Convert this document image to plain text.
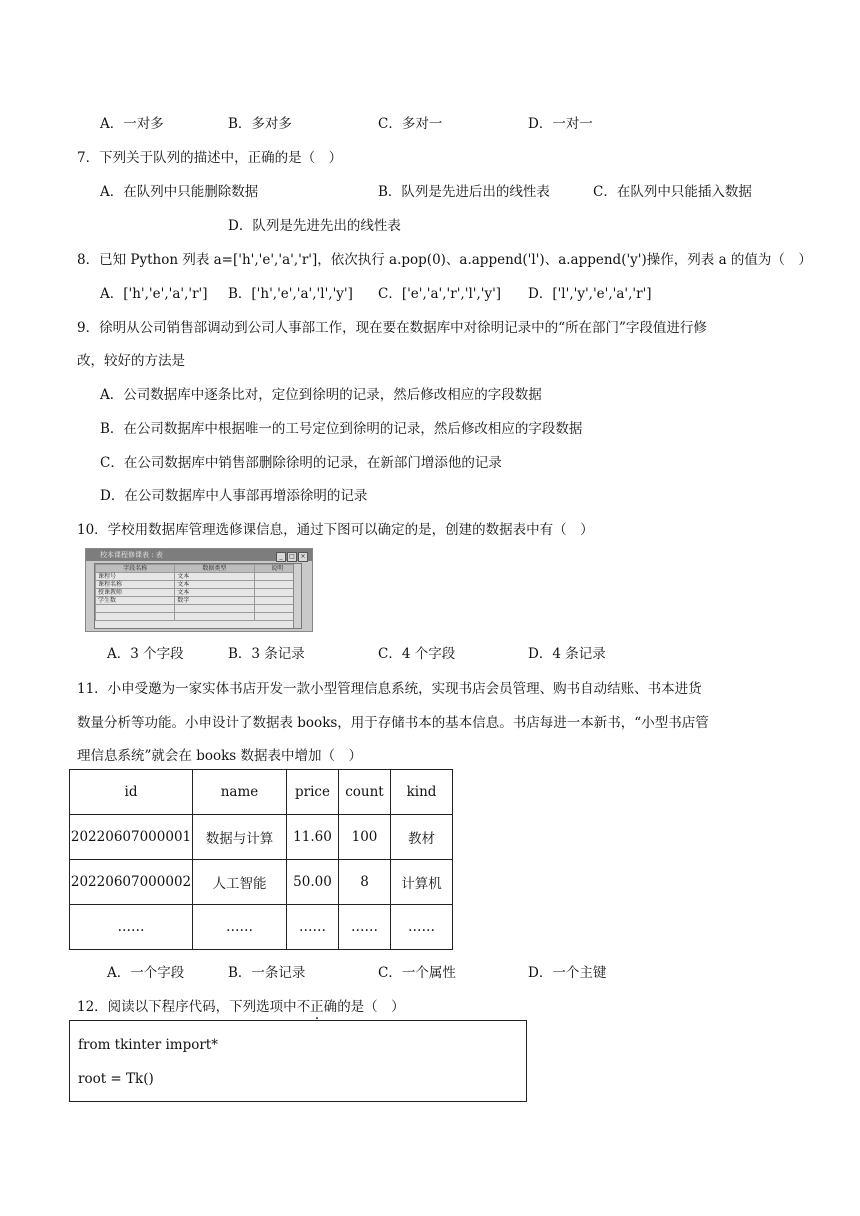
A．一对多	B．多对多	C．多对一	D．一对一
7．下列关于队列的描述中，正确的是（　）
A．在队列中只能删除数据	B．队列是先进后出的线性表	C．在队列中只能插入数据
D．队列是先进先出的线性表
8．已知 Python 列表 a=['h','e','a','r']，依次执行 a.pop(0)、a.append('l')、a.append('y')操作，列表 a 的值为（　）
A．['h','e','a','r'] B．['h','e','a','l','y'] C．['e','a','r','l','y'] D．['l','y','e','a','r']
9．徐明从公司销售部调动到公司人事部工作，现在要在数据库中对徐明记录中的“所在部门”字段值进行修
改，较好的方法是
A．公司数据库中逐条比对，定位到徐明的记录，然后修改相应的字段数据
B．在公司数据库中根据唯一的工号定位到徐明的记录，然后修改相应的字段数据
C．在公司数据库中销售部删除徐明的记录，在新部门增添他的记录
D．在公司数据库中人事部再增添徐明的记录
10．学校用数据库管理选修课信息，通过下图可以确定的是，创建的数据表中有（　）
校本课程修课表 : 表	_ □ ×
字段名称	数据类型	说明
课程号	文本	
课程名称	文本	
授课教师	文本	
学生数	数字	

A．3 个字段	B．3 条记录	C．4 个字段	D．4 条记录
11．小申受邀为一家实体书店开发一款小型管理信息系统，实现书店会员管理、购书自动结账、书本进货
数量分析等功能。小申设计了数据表 books，用于存储书本的基本信息。书店每进一本新书，“小型书店管
理信息系统”就会在 books 数据表中增加（　）
id	name	price	count	kind
20220607000001	数据与计算	11.60	100	教材
20220607000002	人工智能	50.00	8	计算机
……	……	……	……	……
A．一个字段	B．一条记录	C．一个属性	D．一个主键
12．阅读以下程序代码，下列选项中不正确的是（　）
from tkinter import*
root = Tk()
